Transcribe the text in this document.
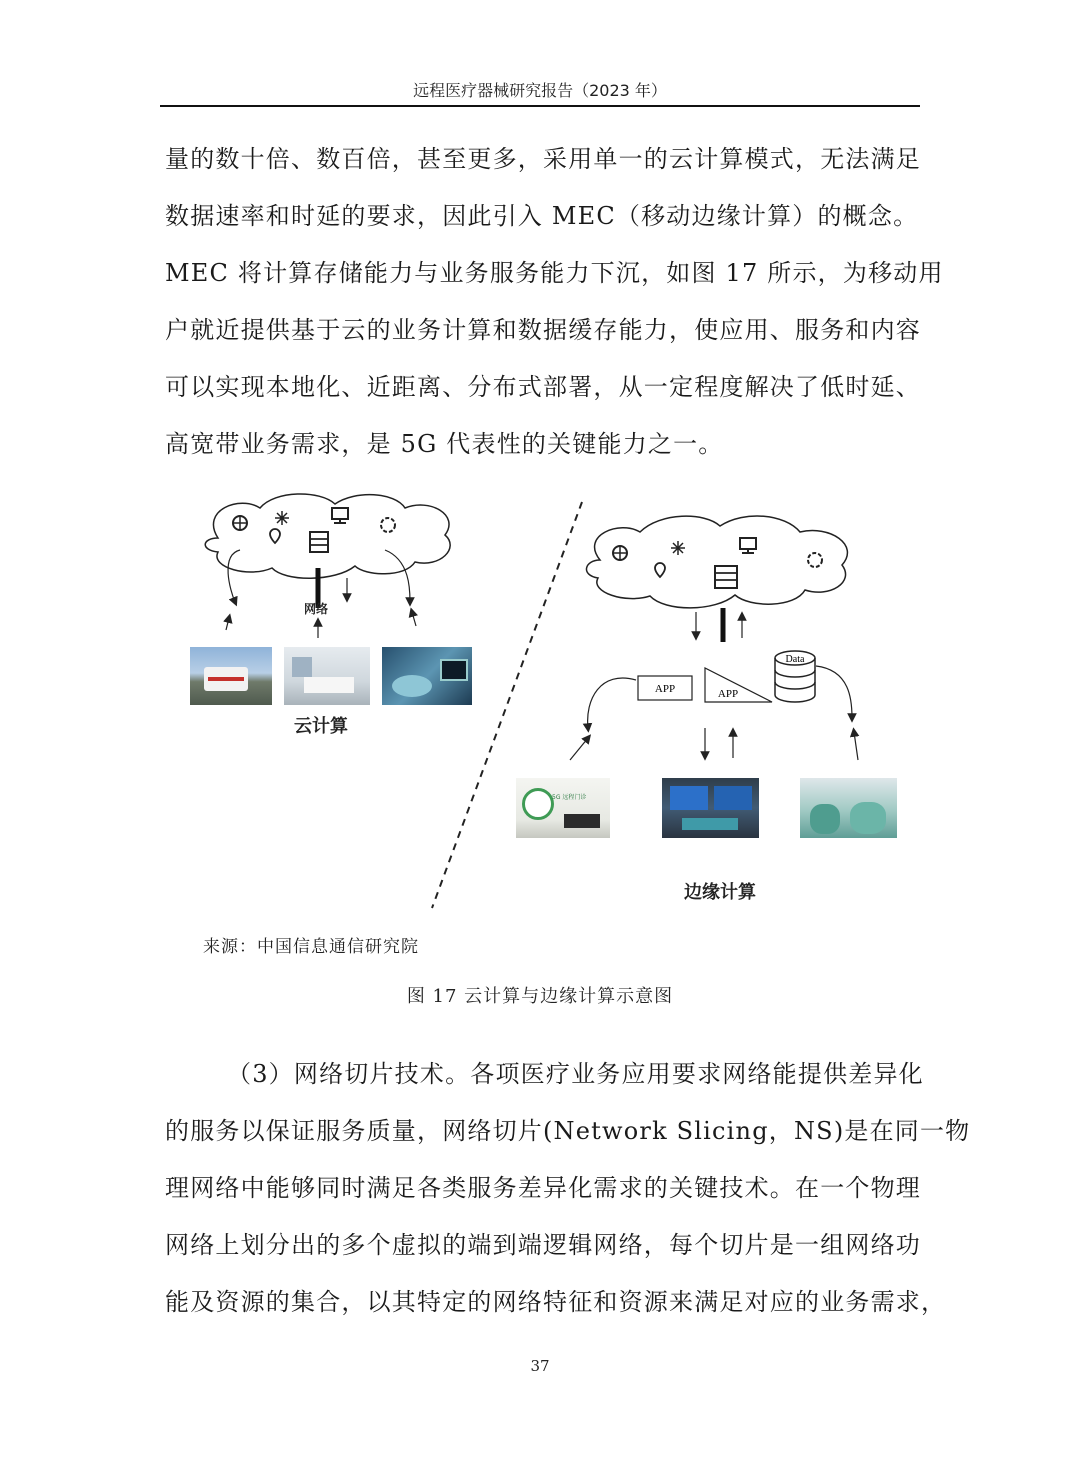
远程医疗器械研究报告（2023 年）
量的数十倍、数百倍，甚至更多，采用单一的云计算模式，无法满足
数据速率和时延的要求，因此引入 MEC（移动边缘计算）的概念。
MEC 将计算存储能力与业务服务能力下沉，如图 17 所示，为移动用
户就近提供基于云的业务计算和数据缓存能力，使应用、服务和内容
可以实现本地化、近距离、分布式部署，从一定程度解决了低时延、
高宽带业务需求，是 5G 代表性的关键能力之一。
APP	APP
Data
网络
云计算
5G 远程门诊
边缘计算
来源：中国信息通信研究院
图 17 云计算与边缘计算示意图
（3）网络切片技术。各项医疗业务应用要求网络能提供差异化
的服务以保证服务质量，网络切片(Network Slicing，NS)是在同一物
理网络中能够同时满足各类服务差异化需求的关键技术。在一个物理
网络上划分出的多个虚拟的端到端逻辑网络，每个切片是一组网络功
能及资源的集合，以其特定的网络特征和资源来满足对应的业务需求，
37
